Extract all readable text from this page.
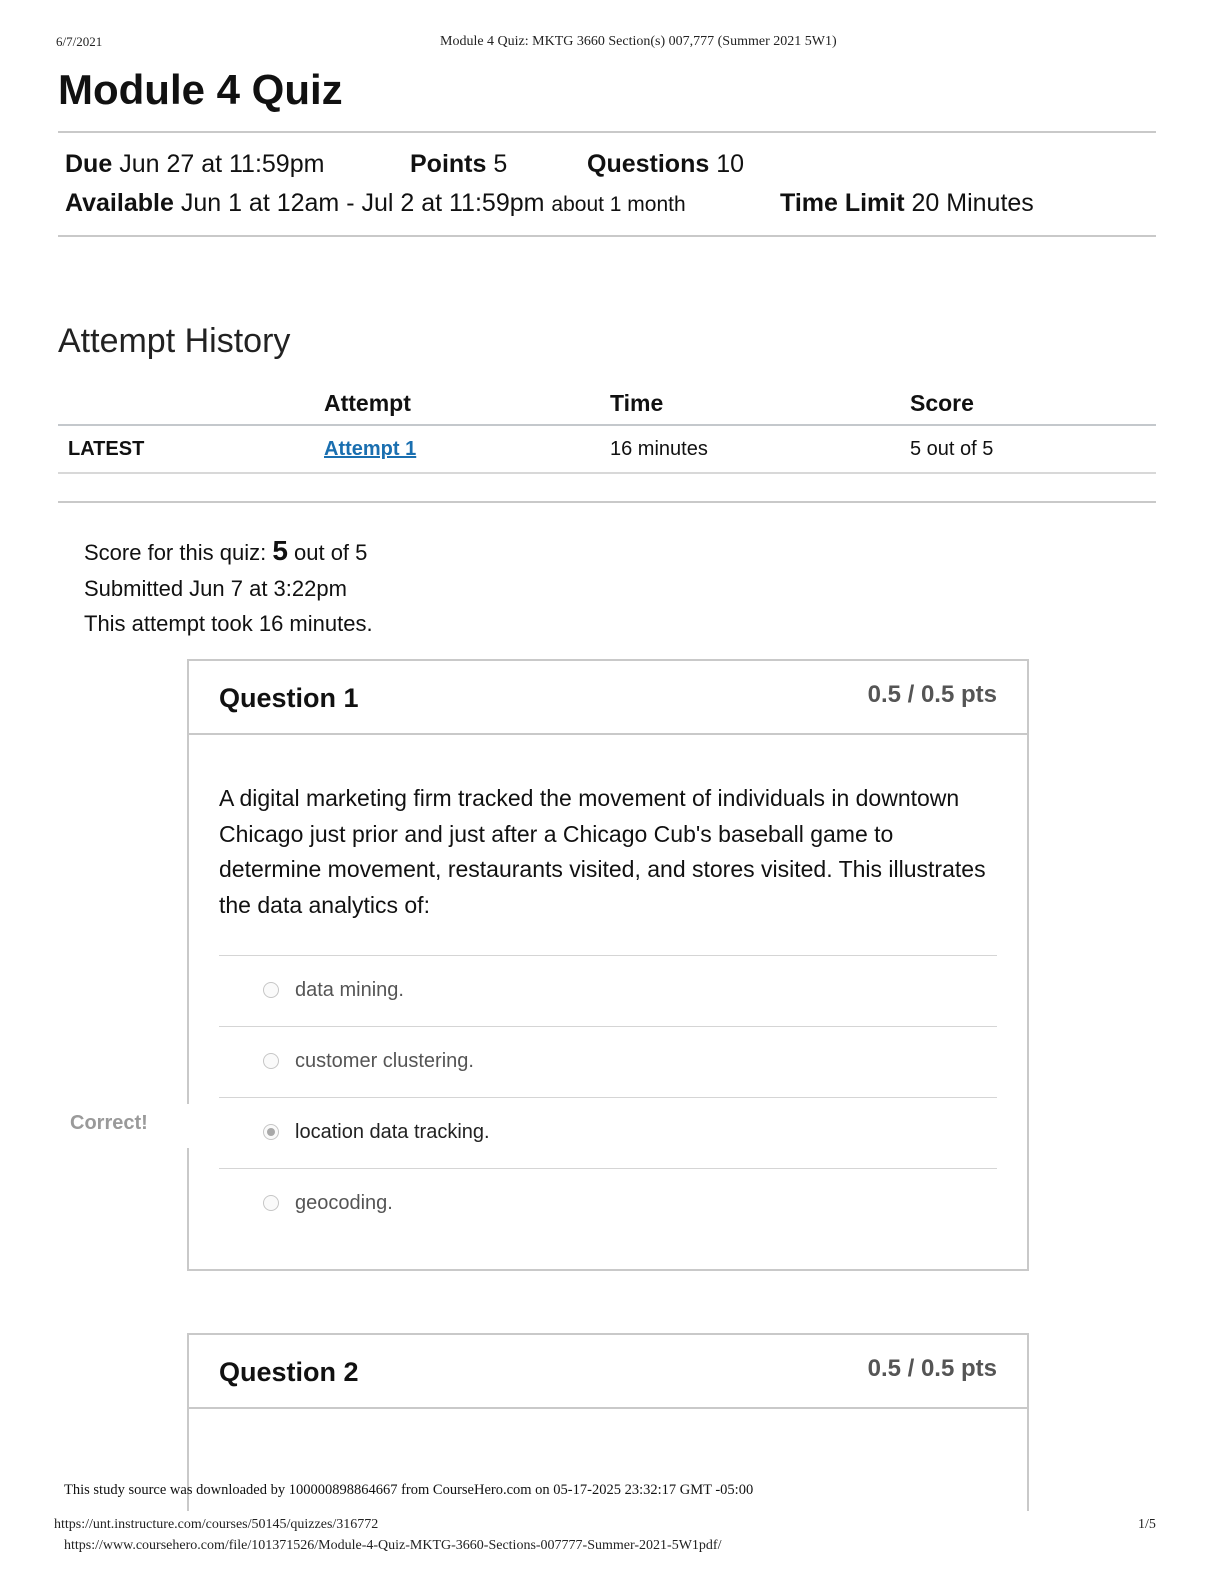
6/7/2021	Module 4 Quiz: MKTG 3660 Section(s) 007,777 (Summer 2021 5W1)
Module 4 Quiz
Due Jun 27 at 11:59pm	Points 5	Questions 10
Available Jun 1 at 12am - Jul 2 at 11:59pm about 1 month	Time Limit 20 Minutes
Attempt History
	Attempt	Time	Score
LATEST	Attempt 1	16 minutes	5 out of 5
Score for this quiz: 5 out of 5
Submitted Jun 7 at 3:22pm
This attempt took 16 minutes.
Question 1	0.5 / 0.5 pts
A digital marketing firm tracked the movement of individuals in downtown Chicago just prior and just after a Chicago Cub's baseball game to determine movement, restaurants visited, and stores visited. This illustrates the data analytics of:
data mining.
customer clustering.
location data tracking.
geocoding.
Correct!
Question 2	0.5 / 0.5 pts
This study source was downloaded by 100000898864667 from CourseHero.com on 05-17-2025 23:32:17 GMT -05:00
https://unt.instructure.com/courses/50145/quizzes/316772	1/5
https://www.coursehero.com/file/101371526/Module-4-Quiz-MKTG-3660-Sections-007777-Summer-2021-5W1pdf/
